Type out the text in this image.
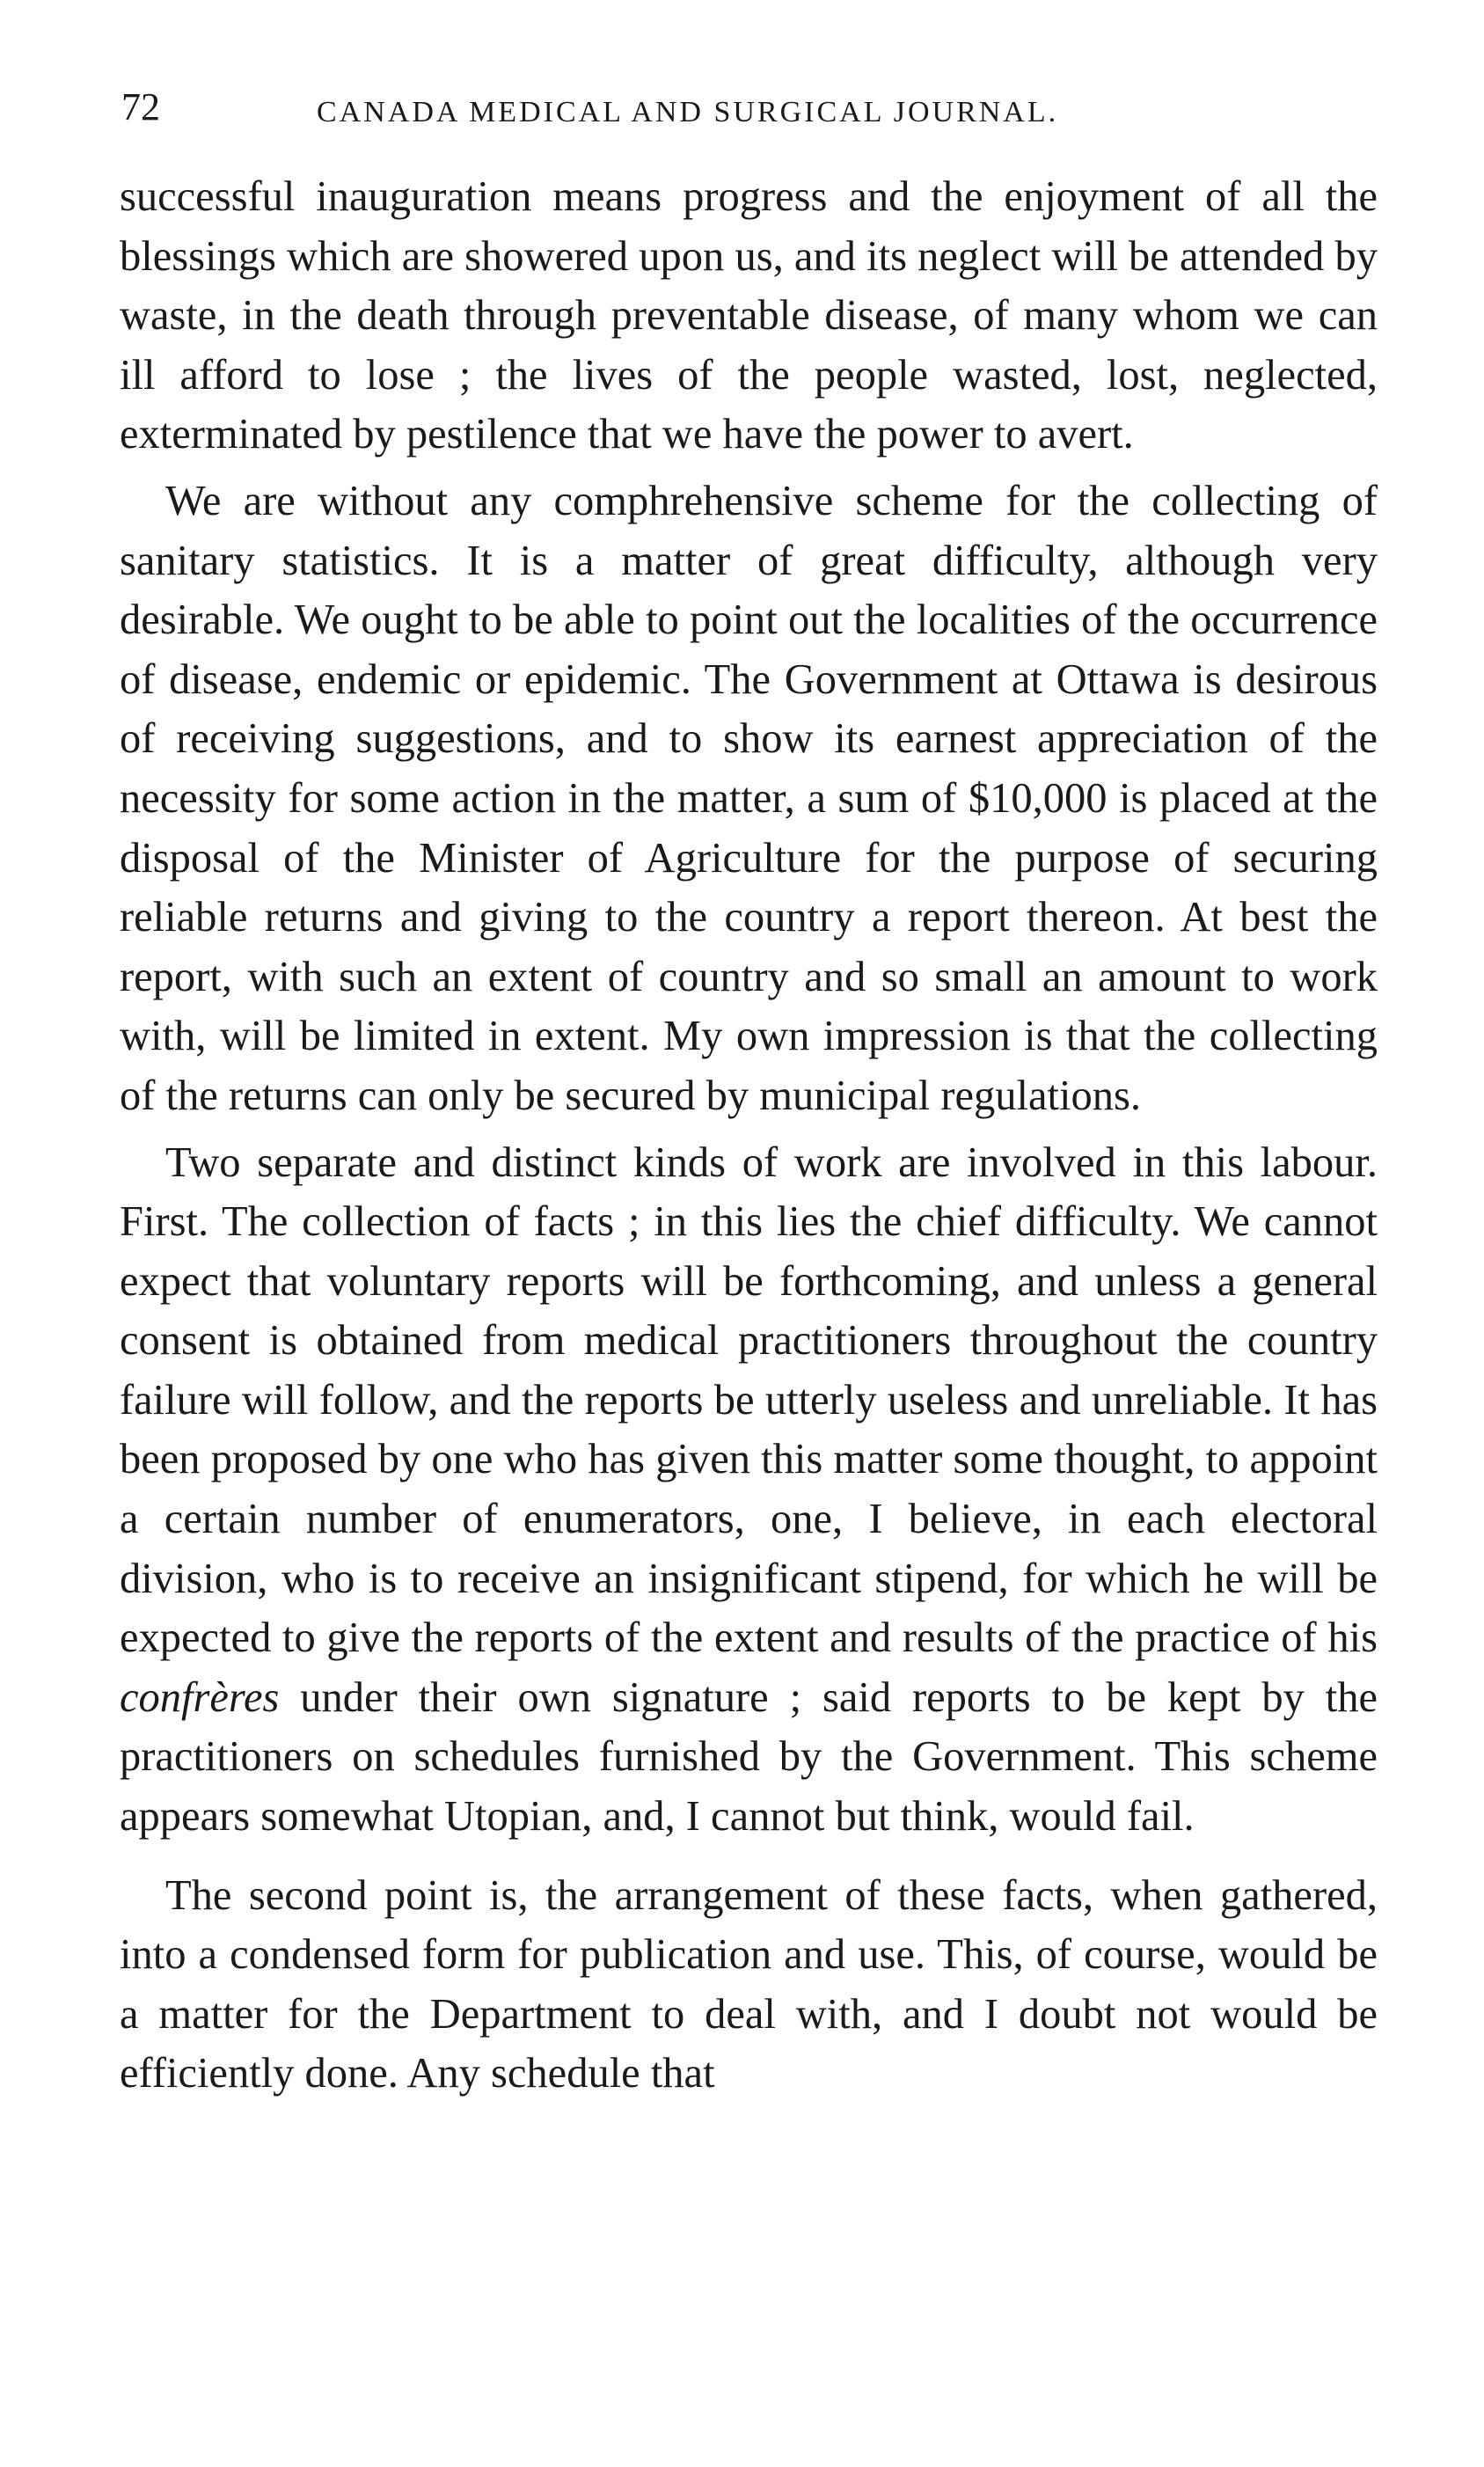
72	CANADA MEDICAL AND SURGICAL JOURNAL.

successful inauguration means progress and the enjoyment of all the blessings which are showered upon us, and its neglect will be attended by waste, in the death through preventable disease, of many whom we can ill afford to lose ; the lives of the people wasted, lost, neglected, exterminated by pestilence that we have the power to avert.

We are without any comphrehensive scheme for the collecting of sanitary statistics. It is a matter of great difficulty, although very desirable. We ought to be able to point out the localities of the occurrence of disease, endemic or epidemic. The Government at Ottawa is desirous of receiving suggestions, and to show its earnest appreciation of the necessity for some action in the matter, a sum of $10,000 is placed at the disposal of the Minister of Agriculture for the purpose of securing reliable returns and giving to the country a report thereon. At best the report, with such an extent of country and so small an amount to work with, will be limited in extent. My own impression is that the collecting of the returns can only be secured by municipal regulations.

Two separate and distinct kinds of work are involved in this labour. First. The collection of facts ; in this lies the chief difficulty. We cannot expect that voluntary reports will be forthcoming, and unless a general consent is obtained from medical practitioners throughout the country failure will follow, and the reports be utterly useless and unreliable. It has been proposed by one who has given this matter some thought, to appoint a certain number of enumerators, one, I believe, in each electoral division, who is to receive an insignificant stipend, for which he will be expected to give the reports of the extent and results of the practice of his confrères under their own signature ; said reports to be kept by the practitioners on schedules furnished by the Government. This scheme appears somewhat Utopian, and, I cannot but think, would fail.

The second point is, the arrangement of these facts, when gathered, into a condensed form for publication and use. This, of course, would be a matter for the Department to deal with, and I doubt not would be efficiently done. Any schedule that
